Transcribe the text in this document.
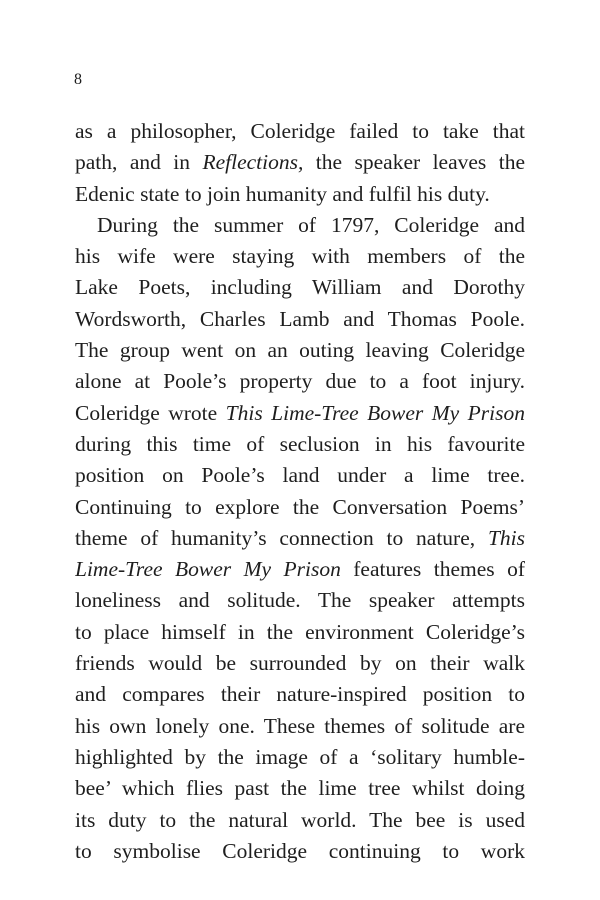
8
as a philosopher, Coleridge failed to take that
path, and in Reflections, the speaker leaves the
Edenic state to join humanity and fulfil his duty.
During the summer of 1797, Coleridge and
his wife were staying with members of the
Lake Poets, including William and Dorothy
Wordsworth, Charles Lamb and Thomas Poole.
The group went on an outing leaving Coleridge
alone at Poole’s property due to a foot injury.
Coleridge wrote This Lime-Tree Bower My Prison
during this time of seclusion in his favourite
position on Poole’s land under a lime tree.
Continuing to explore the Conversation Poems’
theme of humanity’s connection to nature, This
Lime-Tree Bower My Prison features themes of
loneliness and solitude. The speaker attempts
to place himself in the environment Coleridge’s
friends would be surrounded by on their walk
and compares their nature-inspired position to
his own lonely one. These themes of solitude are
highlighted by the image of a ‘solitary humble-
bee’ which flies past the lime tree whilst doing
its duty to the natural world. The bee is used
to symbolise Coleridge continuing to work
